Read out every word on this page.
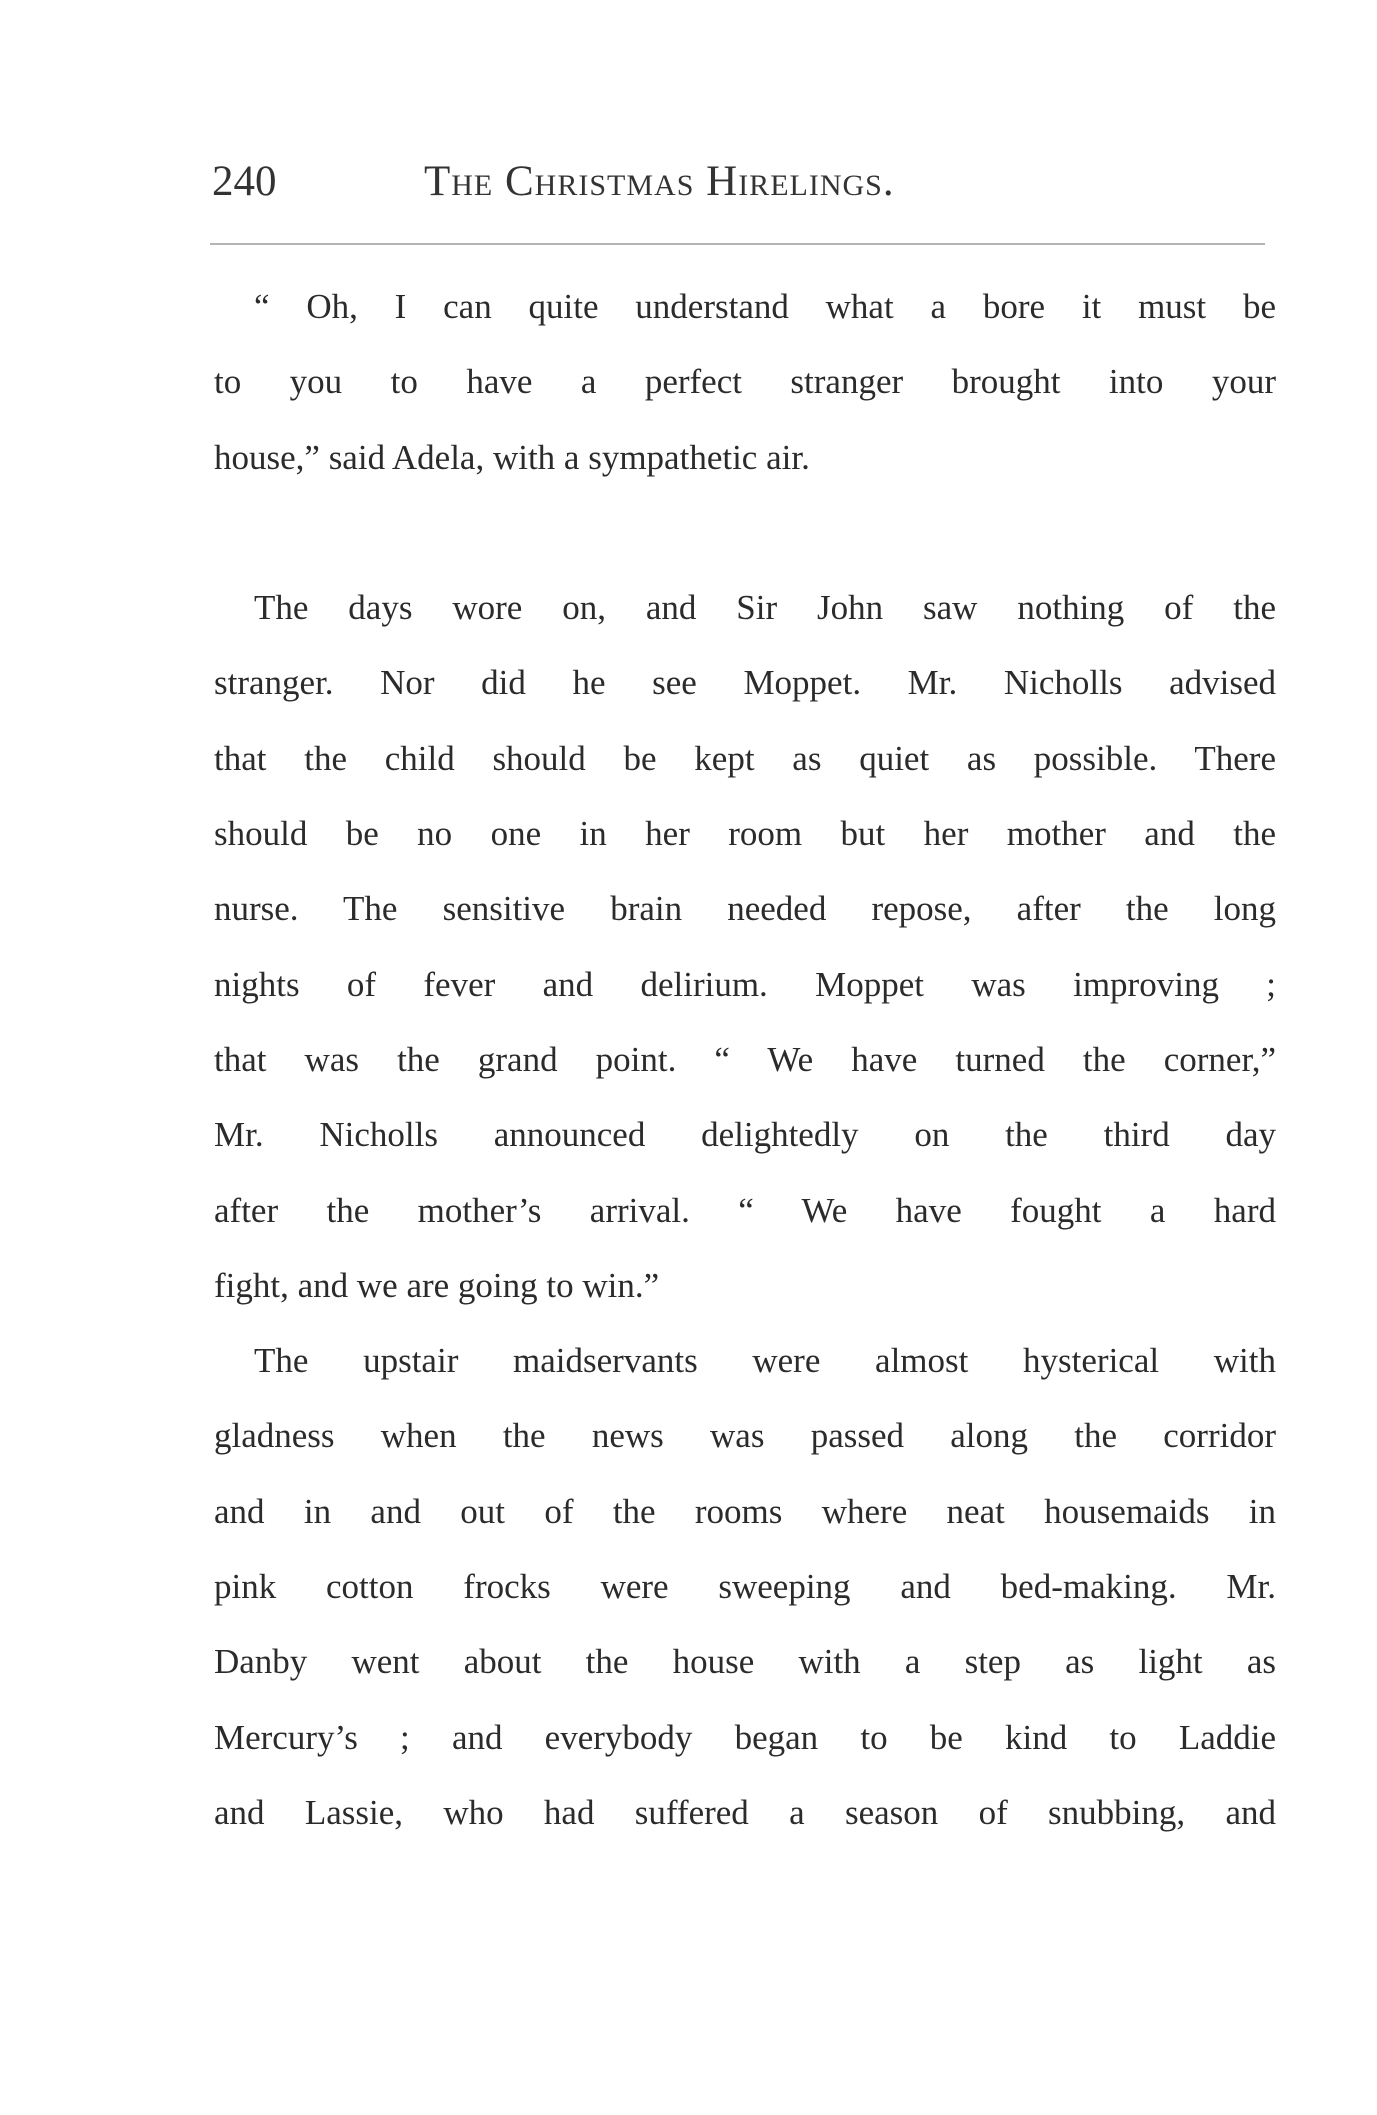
240	The Christmas Hirelings.
“ Oh, I can quite understand what a bore it must be
to you to have a perfect stranger brought into your
house,” said Adela, with a sympathetic air.
The days wore on, and Sir John saw nothing of the
stranger. Nor did he see Moppet. Mr. Nicholls advised
that the child should be kept as quiet as possible. There
should be no one in her room but her mother and the
nurse. The sensitive brain needed repose, after the long
nights of fever and delirium. Moppet was improving ;
that was the grand point. “ We have turned the corner,”
Mr. Nicholls announced delightedly on the third day
after the mother’s arrival. “ We have fought a hard
fight, and we are going to win.”
The upstair maidservants were almost hysterical with
gladness when the news was passed along the corridor
and in and out of the rooms where neat housemaids in
pink cotton frocks were sweeping and bed-making. Mr.
Danby went about the house with a step as light as
Mercury’s ; and everybody began to be kind to Laddie
and Lassie, who had suffered a season of snubbing, and
